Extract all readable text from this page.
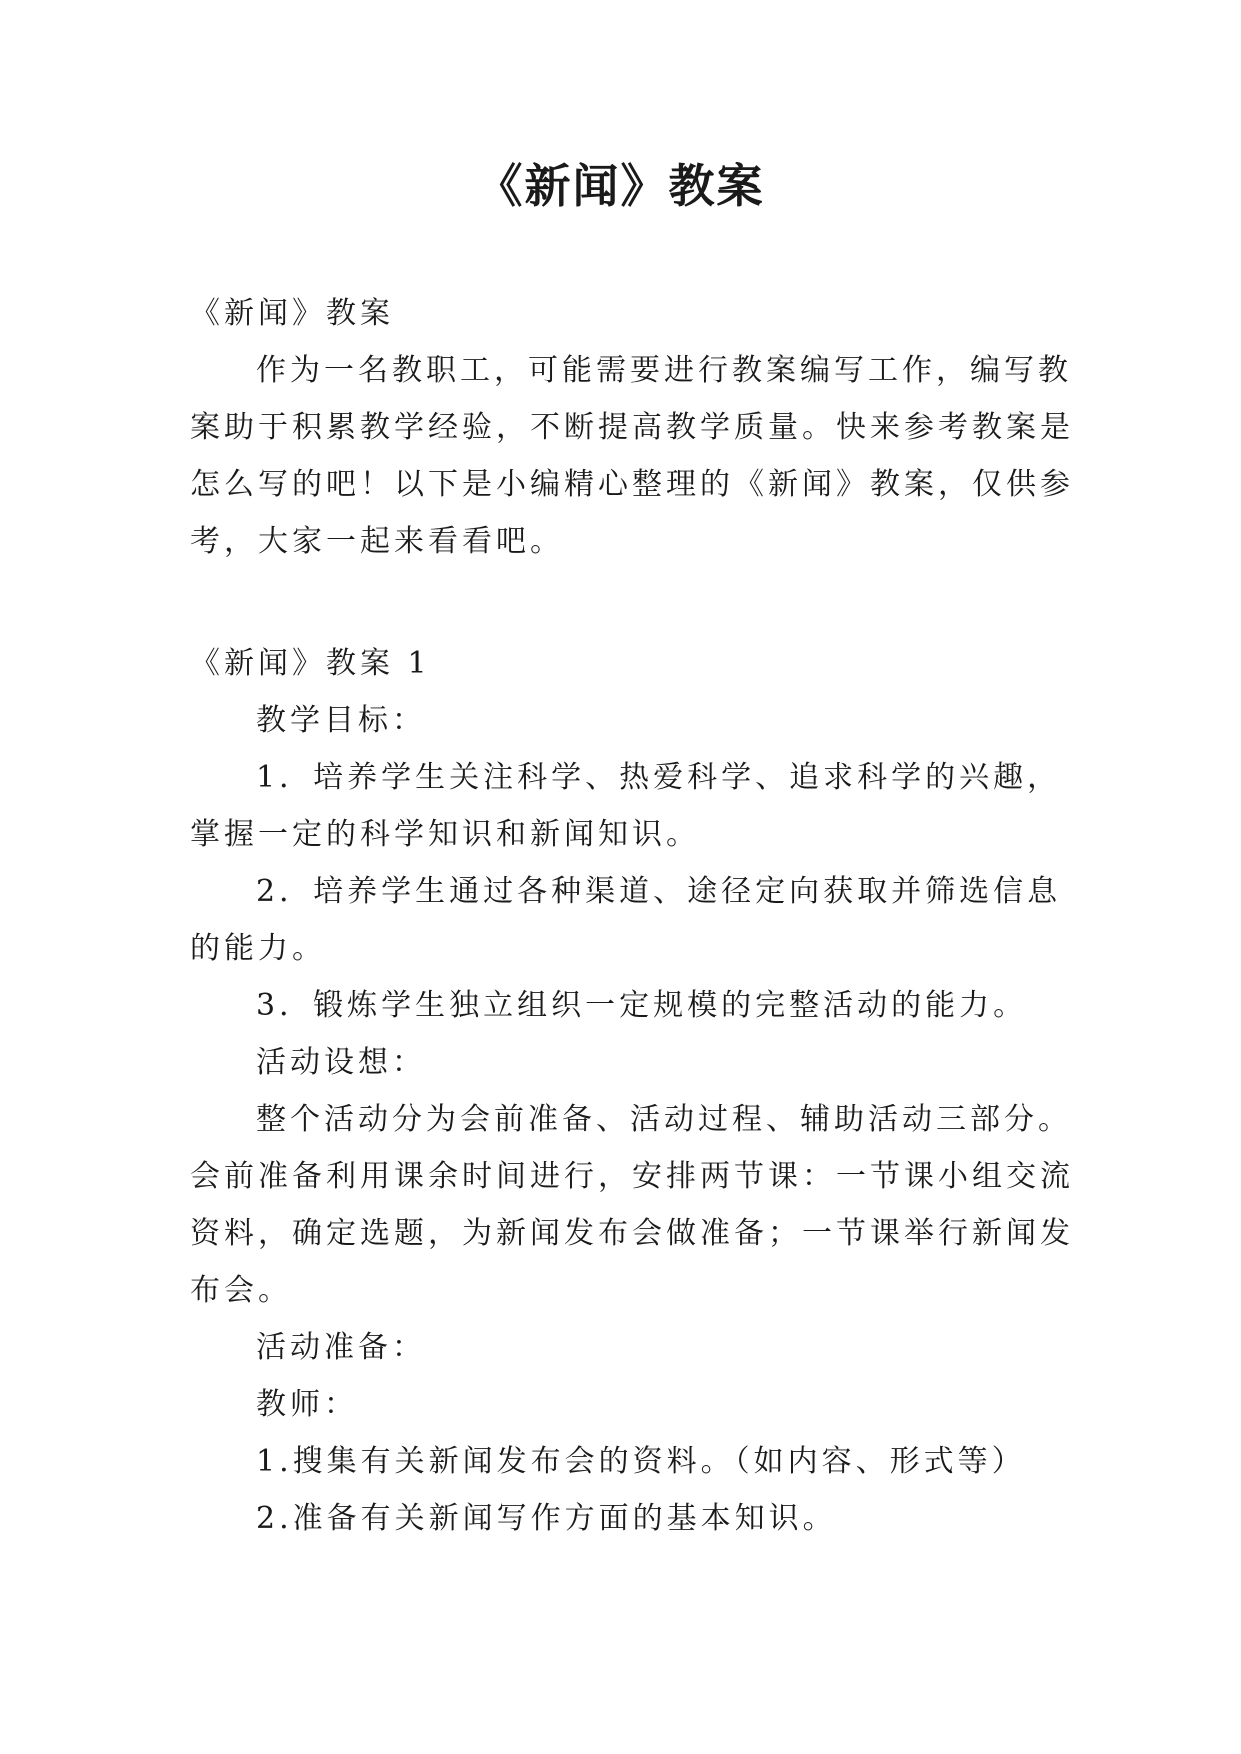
《新闻》教案

《新闻》教案

作为一名教职工，可能需要进行教案编写工作，编写教

案助于积累教学经验，不断提高教学质量。快来参考教案是

怎么写的吧！以下是小编精心整理的《新闻》教案，仅供参

考，大家一起来看看吧。

《新闻》教案 1

教学目标：

1．培养学生关注科学、热爱科学、追求科学的兴趣，

掌握一定的科学知识和新闻知识。

2．培养学生通过各种渠道、途径定向获取并筛选信息

的能力。

3．锻炼学生独立组织一定规模的完整活动的能力。

活动设想：

整个活动分为会前准备、活动过程、辅助活动三部分。

会前准备利用课余时间进行，安排两节课：一节课小组交流

资料，确定选题，为新闻发布会做准备；一节课举行新闻发

布会。

活动准备：

教师：

1.搜集有关新闻发布会的资料。（如内容、形式等）

2.准备有关新闻写作方面的基本知识。
